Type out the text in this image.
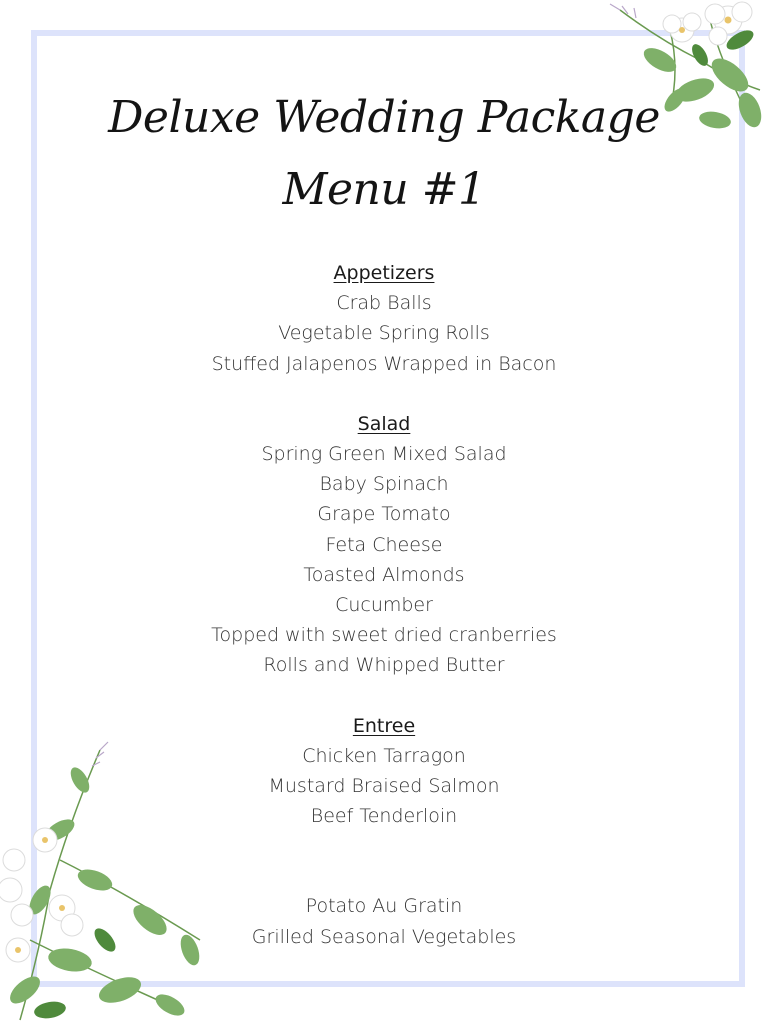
Deluxe Wedding Package
Menu #1
Appetizers
Crab Balls
Vegetable Spring Rolls
Stuffed Jalapenos Wrapped in Bacon
Salad
Spring Green Mixed Salad
Baby Spinach
Grape Tomato
Feta Cheese
Toasted Almonds
Cucumber
Topped with sweet dried cranberries
Rolls and Whipped Butter
Entree
Chicken Tarragon
Mustard Braised Salmon
Beef Tenderloin
Potato Au Gratin
Grilled Seasonal Vegetables
